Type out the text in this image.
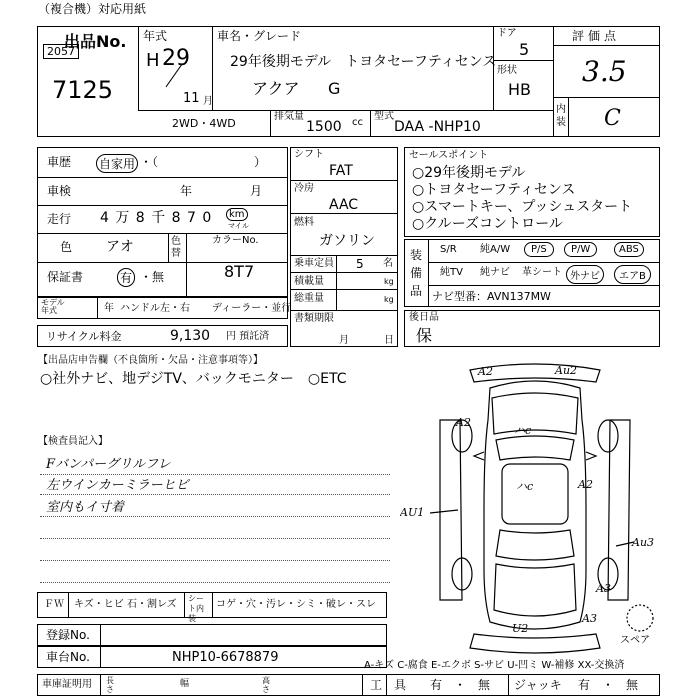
（複合機）対応用紙
出品No.
2057
7125
年式
H 29
11 月
車名・グレード
29年後期モデル　トヨタセーフティセンス
アクア G
ドア
5
形状
HB
評価点
3.5
内装 C
2WD・4WD
排気量
1500 cc
型式
DAA -NHP10
車歴 自家用 ・（　　　　　　　　）
車検	年	月
走行 4 万 8 千 8 7 0	km
マイル
色 アオ	色替
カラーNo.
8T7
保証書	有 ・無
モデル年式	年 ハンドル 左・右 ディーラー・並行
リサイクル料金	9,130 円 預託済
シフト
FAT
冷房
AAC
燃料
ガソリン
乗車定員 5 名
積載量	kg
総重量	kg
書類期限
月	日
セールスポイント
○29年後期モデル
○トヨタセーフティセンス
○スマートキー、プッシュスタート
○クルーズコントロール
装備品
S/R 純A/W	P/S	P/W	ABS
純TV 純ナビ 革シート 外ナビ	エアB
ナビ型番：AVN137MW
後日品
保
【出品店申告欄（不良箇所・欠品・注意事項等）】
○社外ナビ、地デジTV、バックモニター　○ETC
【検査員記入】
Fバンパーグリルフレ
左ウインカーミラーヒビ
室内もイ寸着
ＦＷ キズ・ヒビ 石・割レズ
シート内装
コゲ・穴・汚レ・シミ・破レ・スレ
登録No.
車台No.	NHP10-6678879
車庫証明用 長さ
幅	高さ
A-キズ C-腐食 E-エクボ S-サビ U-凹ミ W-補修 XX-交換済
工　具 有　・　無 ジャッキ 有　・　無
A2	Au2
A2
ハc
ハc	A2
AU1
Au3
A3
A3
U2
スペア
